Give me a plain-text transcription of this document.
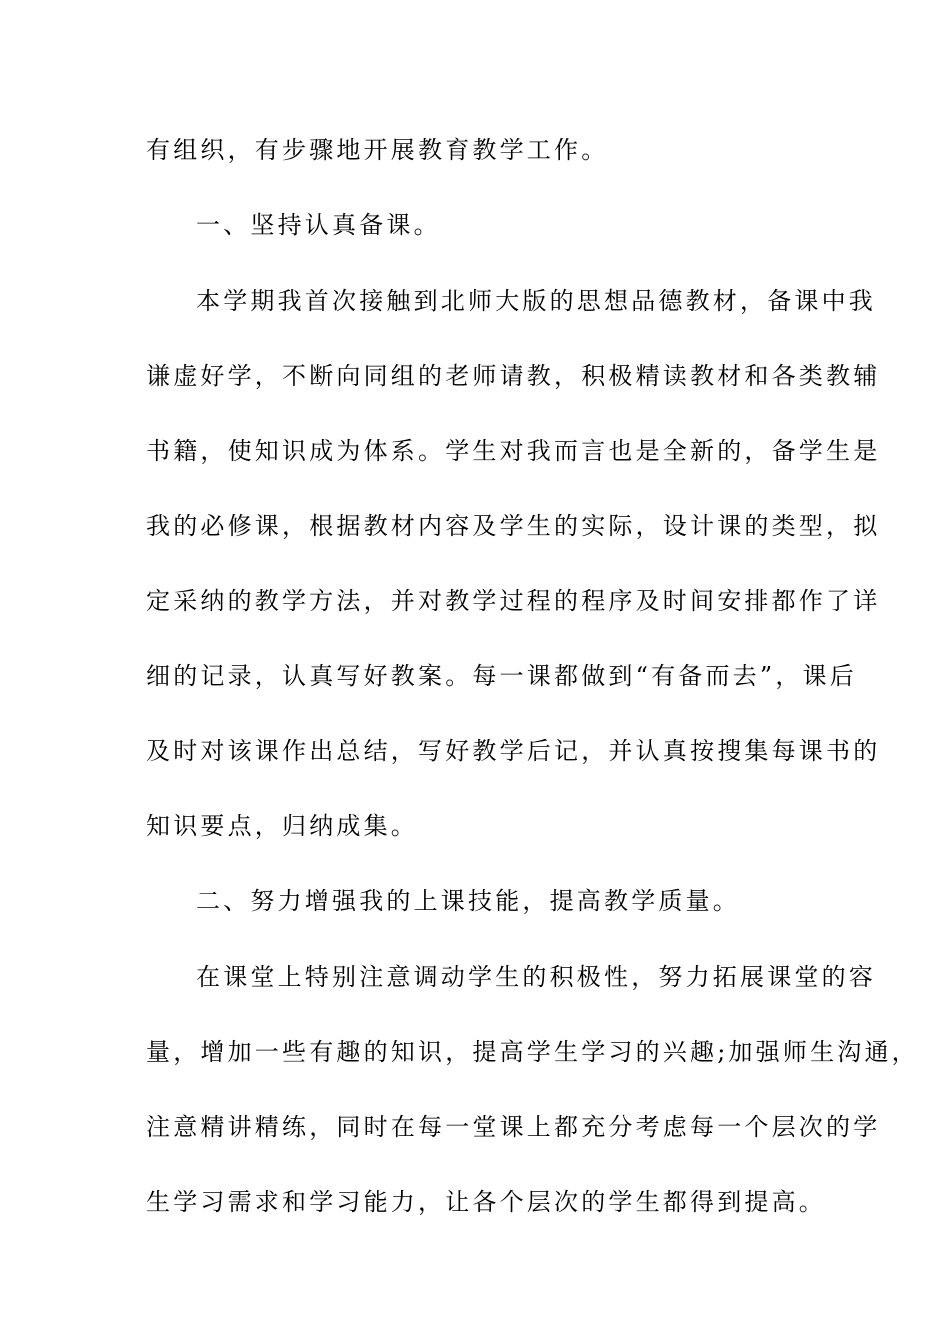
有组织，有步骤地开展教育教学工作。
一、坚持认真备课。
本学期我首次接触到北师大版的思想品德教材，备课中我
谦虚好学，不断向同组的老师请教，积极精读教材和各类教辅
书籍，使知识成为体系。学生对我而言也是全新的，备学生是
我的必修课，根据教材内容及学生的实际，设计课的类型，拟
定采纳的教学方法，并对教学过程的程序及时间安排都作了详
细的记录，认真写好教案。每一课都做到“有备而去”，课后
及时对该课作出总结，写好教学后记，并认真按搜集每课书的
知识要点，归纳成集。
二、努力增强我的上课技能，提高教学质量。
在课堂上特别注意调动学生的积极性，努力拓展课堂的容
量，增加一些有趣的知识，提高学生学习的兴趣;加强师生沟通，
注意精讲精练，同时在每一堂课上都充分考虑每一个层次的学
生学习需求和学习能力，让各个层次的学生都得到提高。
